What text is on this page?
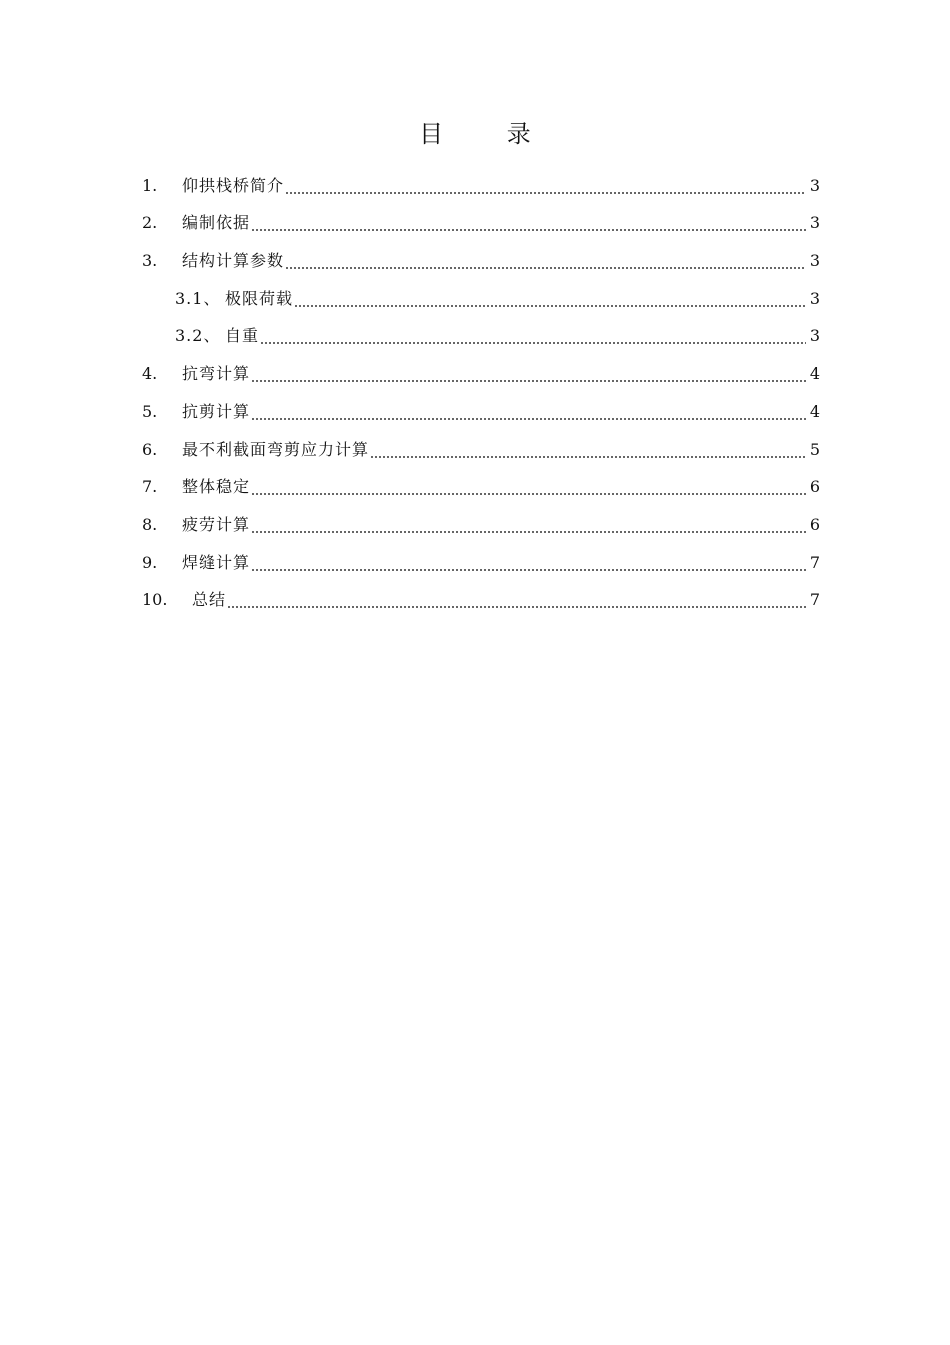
目 录
1.	仰拱栈桥简介	3
2.	编制依据	3
3.	结构计算参数	3
3.1、 极限荷载	3
3.2、 自重	3
4.	抗弯计算	4
5.	抗剪计算	4
6.	最不利截面弯剪应力计算	5
7.	整体稳定	6
8.	疲劳计算	6
9.	焊缝计算	7
10.	总结	7
